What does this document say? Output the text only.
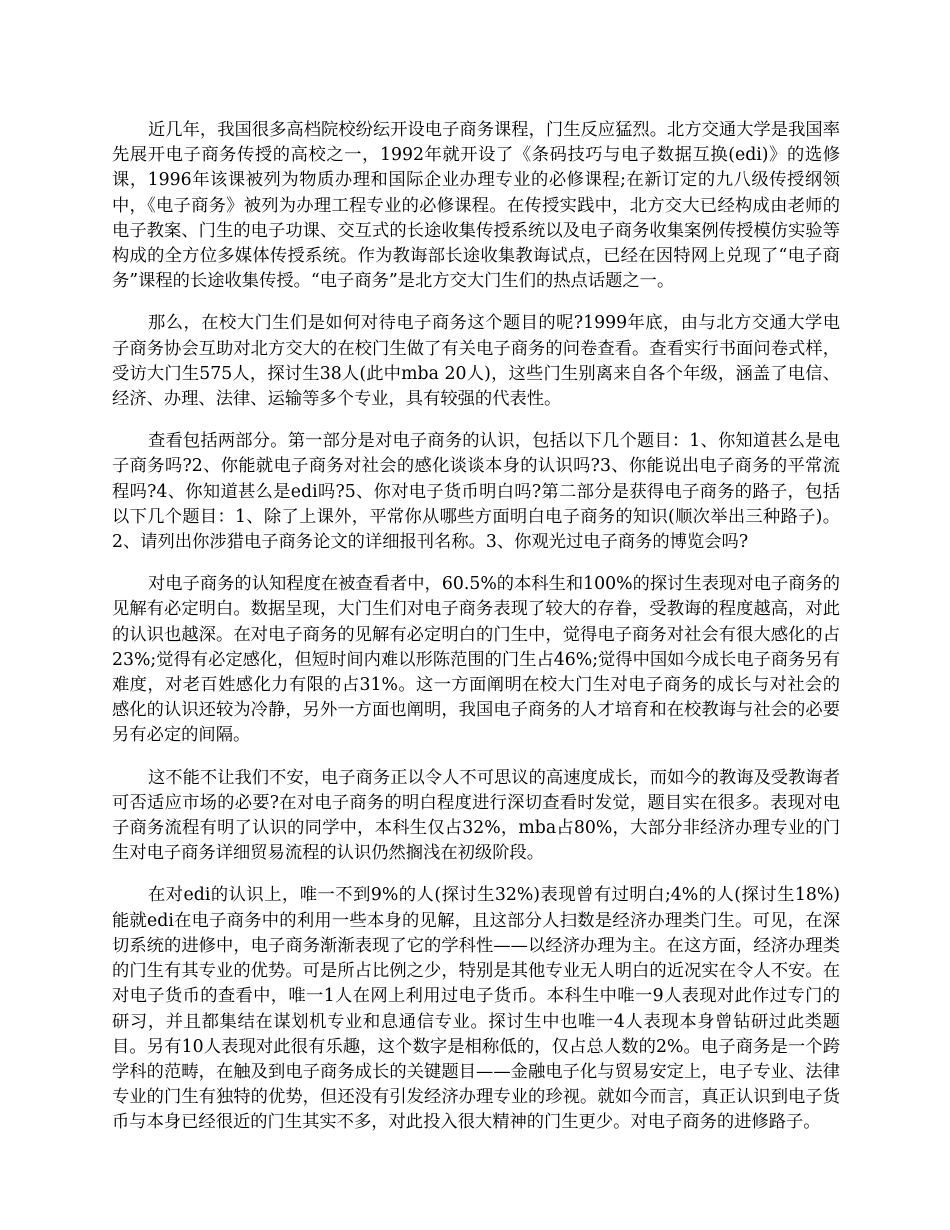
近几年，我国很多高档院校纷纭开设电子商务课程，门生反应猛烈。北方交通大学是我国率先展开电子商务传授的高校之一，1992年就开设了《条码技巧与电子数据互换(edi)》的选修课，1996年该课被列为物质办理和国际企业办理专业的必修课程;在新订定的九八级传授纲领中，《电子商务》被列为办理工程专业的必修课程。在传授实践中，北方交大已经构成由老师的电子教案、门生的电子功课、交互式的长途收集传授系统以及电子商务收集案例传授模仿实验等构成的全方位多媒体传授系统。作为教诲部长途收集教诲试点，已经在因特网上兑现了“电子商务”课程的长途收集传授。“电子商务”是北方交大门生们的热点话题之一。

那么，在校大门生们是如何对待电子商务这个题目的呢?1999年底，由与北方交通大学电子商务协会互助对北方交大的在校门生做了有关电子商务的问卷查看。查看实行书面问卷式样，受访大门生575人，探讨生38人(此中mba 20人)，这些门生别离来自各个年级，涵盖了电信、经济、办理、法律、运输等多个专业，具有较强的代表性。

查看包括两部分。第一部分是对电子商务的认识，包括以下几个题目：1、你知道甚么是电子商务吗?2、你能就电子商务对社会的感化谈谈本身的认识吗?3、你能说出电子商务的平常流程吗?4、你知道甚么是edi吗?5、你对电子货币明白吗?第二部分是获得电子商务的路子，包括以下几个题目：1、除了上课外，平常你从哪些方面明白电子商务的知识(顺次举出三种路子)。2、请列出你涉猎电子商务论文的详细报刊名称。3、你观光过电子商务的博览会吗?

对电子商务的认知程度在被查看者中，60.5%的本科生和100%的探讨生表现对电子商务的见解有必定明白。数据呈现，大门生们对电子商务表现了较大的存眷，受教诲的程度越高，对此的认识也越深。在对电子商务的见解有必定明白的门生中，觉得电子商务对社会有很大感化的占23%;觉得有必定感化，但短时间内难以形陈范围的门生占46%;觉得中国如今成长电子商务另有难度，对老百姓感化力有限的占31%。这一方面阐明在校大门生对电子商务的成长与对社会的感化的认识还较为冷静，另外一方面也阐明，我国电子商务的人才培育和在校教诲与社会的必要另有必定的间隔。

这不能不让我们不安，电子商务正以令人不可思议的高速度成长，而如今的教诲及受教诲者可否适应市场的必要?在对电子商务的明白程度进行深切查看时发觉，题目实在很多。表现对电子商务流程有明了认识的同学中，本科生仅占32%，mba占80%，大部分非经济办理专业的门生对电子商务详细贸易流程的认识仍然搁浅在初级阶段。

在对edi的认识上，唯一不到9%的人(探讨生32%)表现曾有过明白;4%的人(探讨生18%)能就edi在电子商务中的利用一些本身的见解，且这部分人扫数是经济办理类门生。可见，在深切系统的进修中，电子商务渐渐表现了它的学科性——以经济办理为主。在这方面，经济办理类的门生有其专业的优势。可是所占比例之少，特别是其他专业无人明白的近况实在令人不安。在对电子货币的查看中，唯一1人在网上利用过电子货币。本科生中唯一9人表现对此作过专门的研习，并且都集结在谋划机专业和息通信专业。探讨生中也唯一4人表现本身曾钻研过此类题目。另有10人表现对此很有乐趣，这个数字是相称低的，仅占总人数的2%。电子商务是一个跨学科的范畴，在触及到电子商务成长的关键题目——金融电子化与贸易安定上，电子专业、法律专业的门生有独特的优势，但还没有引发经济办理专业的珍视。就如今而言，真正认识到电子货币与本身已经很近的门生其实不多，对此投入很大精神的门生更少。对电子商务的进修路子。
